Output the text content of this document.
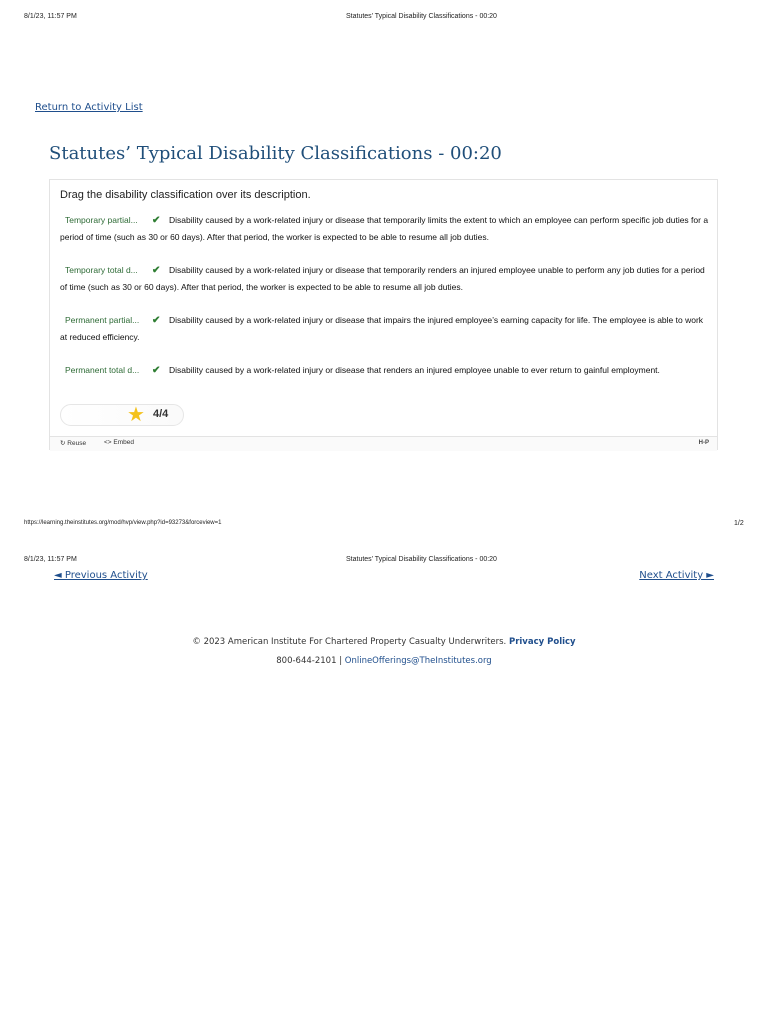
8/1/23, 11:57 PM	Statutes’ Typical Disability Classifications - 00:20
Return to Activity List
Statutes’ Typical Disability Classifications - 00:20
Drag the disability classification over its description.
Temporary partial... ✔ Disability caused by a work-related injury or disease that temporarily limits the extent to which an employee can perform specific job duties for a period of time (such as 30 or 60 days). After that period, the worker is expected to be able to resume all job duties.
Temporary total d... ✔ Disability caused by a work-related injury or disease that temporarily renders an injured employee unable to perform any job duties for a period of time (such as 30 or 60 days). After that period, the worker is expected to be able to resume all job duties.
Permanent partial... ✔ Disability caused by a work-related injury or disease that impairs the injured employee’s earning capacity for life. The employee is able to work at reduced efficiency.
Permanent total d... ✔ Disability caused by a work-related injury or disease that renders an injured employee unable to ever return to gainful employment.
★ 4/4
↻ Reuse	<> Embed	H-P
https://learning.theinstitutes.org/mod/hvp/view.php?id=93273&forceview=1	1/2
8/1/23, 11:57 PM	Statutes’ Typical Disability Classifications - 00:20
◄ Previous Activity	Next Activity ►
© 2023 American Institute For Chartered Property Casualty Underwriters. Privacy Policy
800-644-2101 | OnlineOfferings@TheInstitutes.org
